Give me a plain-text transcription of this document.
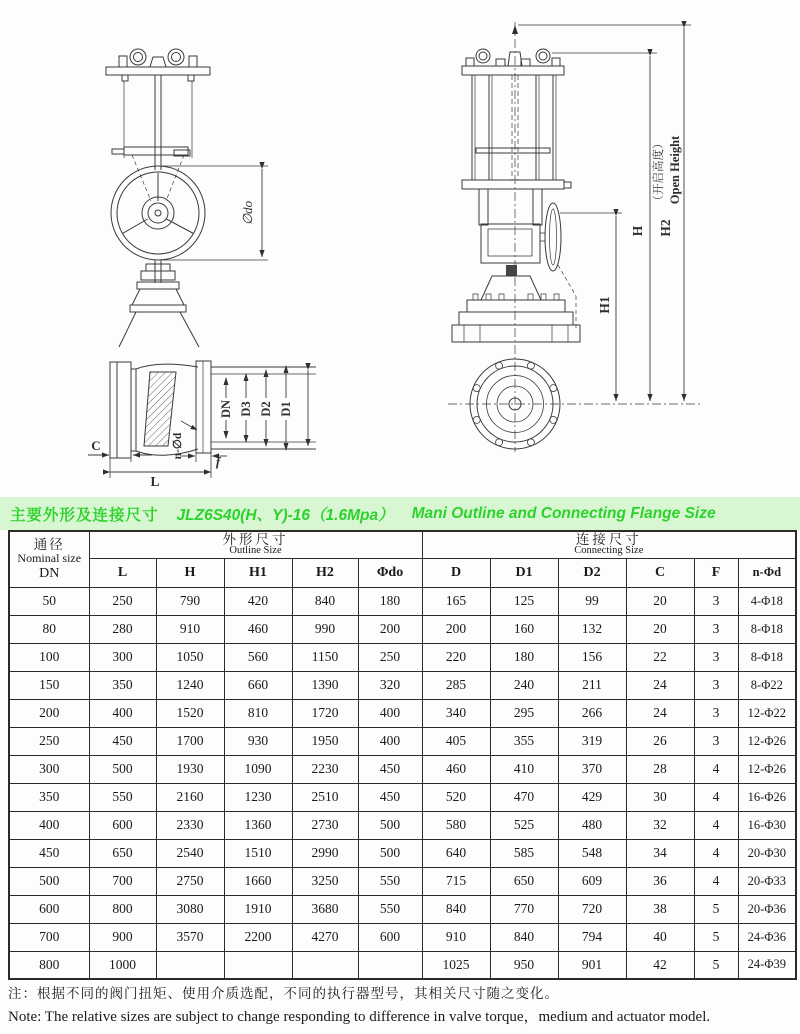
∅do
DN D3 D2 D1
C
L
f
n-∅d
H1
H H2
（开启高度） Open Height
主要外形及连接尺寸 JLZ6S40(H、Y)-16（1.6Mpa） Mani Outline and Connecting Flange Size
通径
Nominal size
DN

外形尺寸
Outline Size

连接尺寸
Connecting Size

	L	H	H1	H2	Φdo	D	D1	D2	C	F	n-Φd
50	250	790	420	840	180	165	125	99	20	3	4-Φ18
80	280	910	460	990	200	200	160	132	20	3	8-Φ18
100	300	1050	560	1150	250	220	180	156	22	3	8-Φ18
150	350	1240	660	1390	320	285	240	211	24	3	8-Φ22
200	400	1520	810	1720	400	340	295	266	24	3	12-Φ22
250	450	1700	930	1950	400	405	355	319	26	3	12-Φ26
300	500	1930	1090	2230	450	460	410	370	28	4	12-Φ26
350	550	2160	1230	2510	450	520	470	429	30	4	16-Φ26
400	600	2330	1360	2730	500	580	525	480	32	4	16-Φ30
450	650	2540	1510	2990	500	640	585	548	34	4	20-Φ30
500	700	2750	1660	3250	550	715	650	609	36	4	20-Φ33
600	800	3080	1910	3680	550	840	770	720	38	5	20-Φ36
700	900	3570	2200	4270	600	910	840	794	40	5	24-Φ36
800	1000					1025	950	901	42	5	24-Φ39
注：根据不同的阀门扭矩、使用介质选配，不同的执行器型号，其相关尺寸随之变化。
Note: The relative sizes are subject to change responding to difference in valve torque，medium and actuator model.
